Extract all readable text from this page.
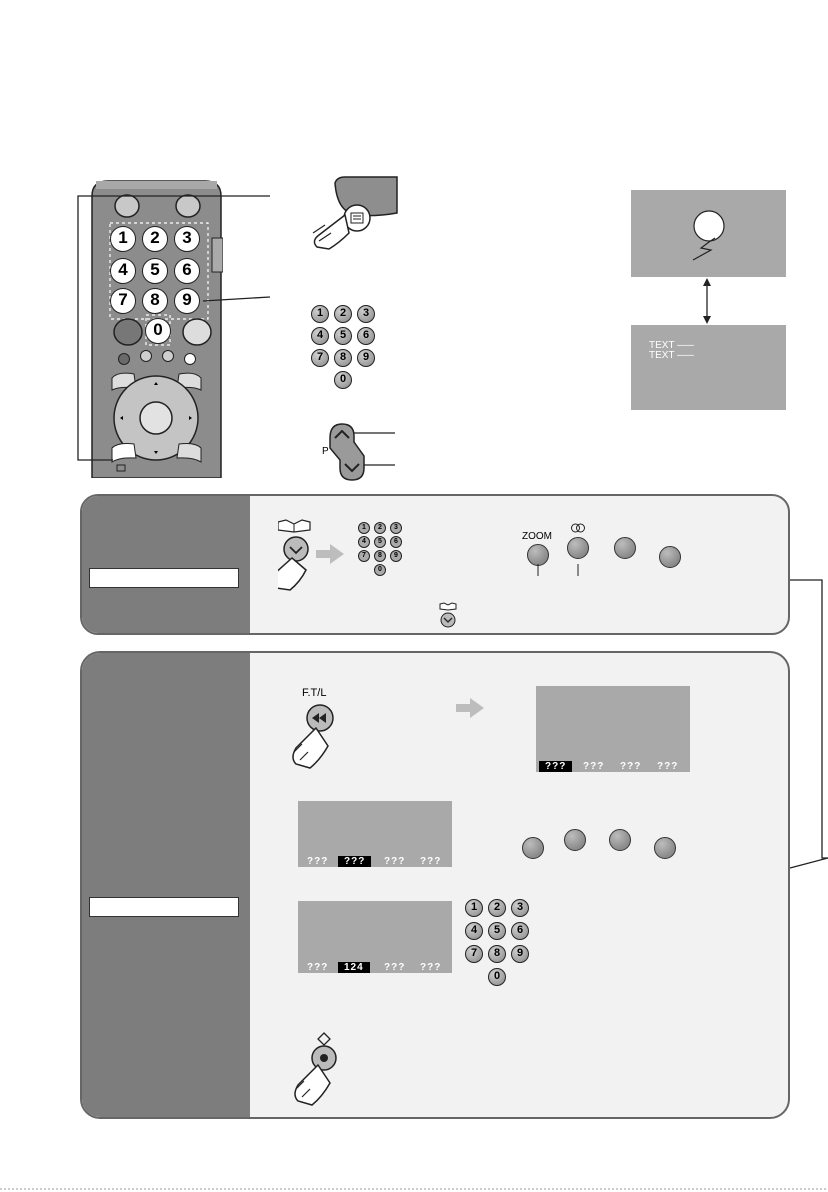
1	2	3
4	5	6
7	8	9
0
1	2	3
4	5	6
7	8	9
0
P
TEXT –––
TEXT –––
1	2	3
4	5	6
7	8	9
0
ZOOM
F.T/L
???	??? ??? ???
???	???	??? ???
???	124	??? ???
1	2	3
4	5	6
7	8	9
0
